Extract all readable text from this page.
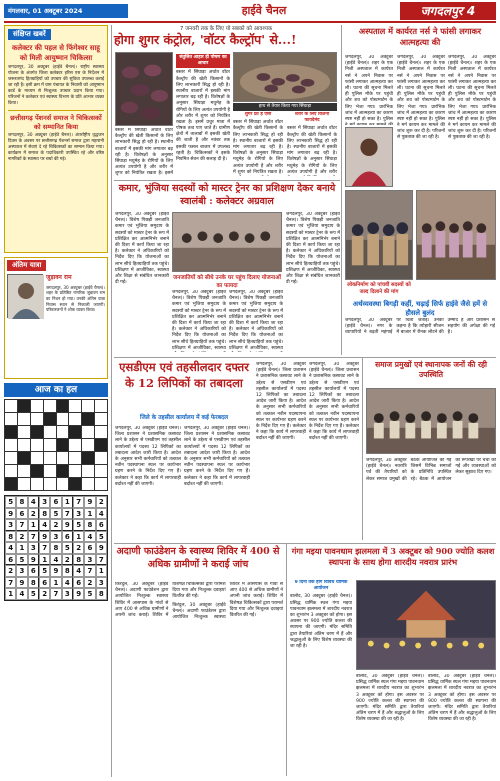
मंगलवार, 01 अक्टूबर 2024	हाईवे चैनल	जगदलपुर 4
संक्षिप्त खबरें
कलेक्टर की पहल से फिंगेश्वर साहू को मिली आयुष्मान चिकित्सा
जगदलपुर, 30 अक्टूबर (हाईवे चैनल)। राष्ट्रीय स्वास्थ्य योजना के अंतर्गत जिला कलेक्टर हरिस एस के निर्देशन में जरूरतमंद हितग्राहियों को उपचार की सुविधा उपलब्ध कराई जा रही है। इसी क्रम में ग्राम पंचायत के निवासी को आयुष्मान कार्ड के माध्यम से निःशुल्क उपचार प्रदान किया गया। परिजनों ने कलेक्टर एवं स्वास्थ्य विभाग के प्रति आभार व्यक्त किया।
छत्तीसगढ़ पेंशनर्स समाज ने चिकित्सकों को सम्मानित किया
जगदलपुर, 30 अक्टूबर (हाईवे चैनल)। अंतर्राष्ट्रीय वृद्धजन दिवस के अवसर पर छत्तीसगढ़ पेंशनर्स समाज द्वारा महारानी अस्पताल में सेवाएं दे रहे चिकित्सकों का सम्मान किया गया। कार्यक्रम में समाज के पदाधिकारी उपस्थित रहे और वरिष्ठ नागरिकों के स्वास्थ्य पर चर्चा की गई।
अंतिम यात्रा
जुड़ावन राम
जगदलपुर, 30 अक्टूबर (हाईवे चैनल)। शहर के प्रतिष्ठित नागरिक जुड़ावन राम का निधन हो गया। उनकी अंतिम यात्रा निवास स्थान से निकाली जाएगी। परिवारजनों ने शोक व्यक्त किया।
आज का हल
5 8 4 3 6 1 7 9 2
9 6 2 8 5 7 3 1 4
3 7 1 4 2 9 5 8 6
8 2 7 9 3 6 1 4 5
4 1 3 7 8 5 2 6 9
6 5 9 1 4 2 8 3 7
2 3 6 5 9 8 4 7 1
7 9 8 6 1 4 6 2 3
1 4 5 2 7 3 9 5 8
7 जनवरी तक के लिए यो सबको को आवश्यक
होगा शुगर कंट्रोल, 'वॉटर कैल्ट्रॉप' से...!
हाथ से तैयार किया गया सिंघाड़ा

संतुलित आहार ही पोषण का आधार

बस्तर में सिंघाड़ा अर्थात वॉटर कैल्ट्रॉप की खेती किसानों के लिए लाभकारी सिद्ध हो रही है। स्थानीय बाजारों में इसकी मांग लगातार बढ़ रही है। विशेषज्ञों के अनुसार सिंघाड़ा मधुमेह के रोगियों के लिए अत्यंत उपयोगी है और शरीर में शुगर को नियंत्रित रखता है। इसमें प्रचुर मात्रा में पोषक तत्व पाए जाते हैं। ग्रामीण क्षेत्रों में तालाबों में इसकी खेती की जाती है और नवंबर तक इसकी फसल बाजार में उपलब्ध रहती है। चिकित्सकों ने इसके नियमित सेवन की सलाह दी है।

बस्तर में सिंघाड़ा अर्थात वॉटर कैल्ट्रॉप की खेती किसानों के लिए लाभकारी सिद्ध हो रही है। स्थानीय बाजारों में इसकी मांग लगातार बढ़ रही है। विशेषज्ञों के अनुसार सिंघाड़ा मधुमेह के रोगियों के लिए अत्यंत उपयोगी है और शरीर में शुगर को नियंत्रित रखता है। इसमें

शुगर फ्री है ऐसा

बस्तर में सिंघाड़ा अर्थात वॉटर कैल्ट्रॉप की खेती किसानों के लिए लाभकारी सिद्ध हो रही है। स्थानीय बाजारों में इसकी मांग लगातार बढ़ रही है। विशेषज्ञों के अनुसार सिंघाड़ा मधुमेह के रोगियों के लिए अत्यंत उपयोगी है और शरीर में शुगर को नियंत्रित रखता है।

शरीर के लिए कितना फायदेमंद

बस्तर में सिंघाड़ा अर्थात वॉटर कैल्ट्रॉप की खेती किसानों के लिए लाभकारी सिद्ध हो रही है। स्थानीय बाजारों में इसकी मांग लगातार बढ़ रही है। विशेषज्ञों के अनुसार सिंघाड़ा मधुमेह के रोगियों के लिए अत्यंत उपयोगी है और शरीर

अस्पताल में कार्यरत नर्स ने फांसी लगाकर आत्महत्या की

जगदलपुर, 30 अक्टूबर (हाईवे चैनल)। शहर के एक निजी अस्पताल में कार्यरत नर्स ने अपने निवास पर फांसी लगाकर आत्महत्या कर ली। घटना की सूचना मिलते ही पुलिस मौके पर पहुंची और शव को पोस्टमार्टम के लिए भेजा गया। प्रारंभिक जांच में आत्महत्या का कारण स्पष्ट नहीं हो सका है। पुलिस

जगदलपुर, 30 अक्टूबर (हाईवे चैनल)। शहर के एक निजी अस्पताल में कार्यरत नर्स ने अपने निवास पर फांसी लगाकर आत्महत्या कर ली। घटना की सूचना मिलते ही पुलिस मौके पर पहुंची और शव को पोस्टमार्टम के लिए भेजा गया। प्रारंभिक जांच में आत्महत्या का कारण स्पष्ट नहीं हो सका है। पुलिस ने मर्ग कायम कर मामले की जांच शुरू कर दी है। परिजनों से पूछताछ की जा रही है।

जगदलपुर, 30 अक्टूबर (हाईवे चैनल)। शहर के एक निजी अस्पताल में कार्यरत नर्स ने अपने निवास पर फांसी लगाकर आत्महत्या कर ली। घटना की सूचना मिलते ही पुलिस मौके पर पहुंची और शव को पोस्टमार्टम के लिए भेजा गया। प्रारंभिक जांच में आत्महत्या का कारण स्पष्ट नहीं हो सका है। पुलिस ने मर्ग कायम कर मामले की जांच शुरू कर दी है। परिजनों से पूछताछ की जा रही है।

लोकनिर्माण को पांचवीं सदस्यों को जल्द दिलाने की मांग
अर्थव्यवस्था बिगड़ी कहीं, चढ़ाई सिर्फ हाईवे जैसे हमें से हौसले बुलंद

जगदलपुर, 30 अक्टूबर (हाईवे चैनल)। नगर के व्यापारियों ने बढ़ती महंगाई पर चिंता जताई। उनका कहना है कि त्योहारी सीजन में बाजार में रौनक लौटने की उम्मीद है और प्रशासन से सहयोग की अपेक्षा की गई है।

कमार, भुंजिया सदस्यों को मास्टर ट्रेनर का प्रशिक्षण देकर बनाये स्वालंबी : कलेक्टर अग्रवाल

जगदलपुर, 30 अक्टूबर (हाईवे चैनल)। विशेष पिछड़ी जनजाति कमार एवं भुंजिया समुदाय के सदस्यों को मास्टर ट्रेनर के रूप में प्रशिक्षित कर आत्मनिर्भर बनाने की दिशा में कार्य किया जा रहा है। कलेक्टर ने अधिकारियों को निर्देश दिए कि योजनाओं का लाभ सीधे हितग्राहियों तक पहुंचे। प्रशिक्षण में आजीविका, स्वास्थ्य और शिक्षा से संबंधित जानकारी दी गई।

जनजातियों को सीधे उनके घर पहुंच दिलाए योजनाओं का फायदा

जगदलपुर, 30 अक्टूबर (हाईवे चैनल)। विशेष पिछड़ी जनजाति कमार एवं भुंजिया समुदाय के सदस्यों को मास्टर ट्रेनर के रूप में प्रशिक्षित कर आत्मनिर्भर बनाने की दिशा में कार्य किया जा रहा है। कलेक्टर ने अधिकारियों को निर्देश दिए कि योजनाओं का लाभ सीधे हितग्राहियों तक पहुंचे। प्रशिक्षण में आजीविका, स्वास्थ्य

जगदलपुर, 30 अक्टूबर (हाईवे चैनल)। विशेष पिछड़ी जनजाति कमार एवं भुंजिया समुदाय के सदस्यों को मास्टर ट्रेनर के रूप में प्रशिक्षित कर आत्मनिर्भर बनाने की दिशा में कार्य किया जा रहा है। कलेक्टर ने अधिकारियों को निर्देश दिए कि योजनाओं का लाभ सीधे हितग्राहियों तक पहुंचे। प्रशिक्षण में आजीविका, स्वास्थ्य

जगदलपुर, 30 अक्टूबर (हाईवे चैनल)। विशेष पिछड़ी जनजाति कमार एवं भुंजिया समुदाय के सदस्यों को मास्टर ट्रेनर के रूप में प्रशिक्षित कर आत्मनिर्भर बनाने की दिशा में कार्य किया जा रहा है। कलेक्टर ने अधिकारियों को निर्देश दिए कि योजनाओं का लाभ सीधे हितग्राहियों तक पहुंचे। प्रशिक्षण में आजीविका, स्वास्थ्य और शिक्षा से संबंधित जानकारी दी गई।

एसडीएम एवं तहसीलदार दफ्तर के 12 लिपिकों का तबादला
जिले के तहसील कार्यालय में कई फेरबदल

जगदलपुर, 30 अक्टूबर (हाईवे चैनल)। जिला प्रशासन ने प्रशासनिक कसावट लाने के उद्देश्य से एसडीएम एवं तहसील कार्यालयों में पदस्थ 12 लिपिकों का तबादला आदेश जारी किया है। आदेश के अनुसार सभी कर्मचारियों को तत्काल नवीन पदस्थापना स्थल पर कार्यभार ग्रहण करने के निर्देश दिए गए हैं। कलेक्टर ने कहा कि कार्य में लापरवाही बर्दाश्त नहीं की जाएगी।

जगदलपुर, 30 अक्टूबर (हाईवे चैनल)। जिला प्रशासन ने प्रशासनिक कसावट लाने के उद्देश्य से एसडीएम एवं तहसील कार्यालयों में पदस्थ 12 लिपिकों का तबादला आदेश जारी किया है। आदेश के अनुसार सभी कर्मचारियों को तत्काल नवीन पदस्थापना स्थल पर कार्यभार ग्रहण करने के निर्देश दिए गए हैं। कलेक्टर ने कहा कि कार्य में लापरवाही बर्दाश्त नहीं की जाएगी।

जगदलपुर, 30 अक्टूबर (हाईवे चैनल)। जिला प्रशासन ने प्रशासनिक कसावट लाने के उद्देश्य से एसडीएम एवं तहसील कार्यालयों में पदस्थ 12 लिपिकों का तबादला आदेश जारी किया है। आदेश के अनुसार सभी कर्मचारियों को तत्काल नवीन पदस्थापना स्थल पर कार्यभार ग्रहण करने के निर्देश दिए गए हैं। कलेक्टर ने कहा कि कार्य में लापरवाही बर्दाश्त नहीं की जाएगी।

जगदलपुर, 30 अक्टूबर (हाईवे चैनल)। जिला प्रशासन ने प्रशासनिक कसावट लाने के उद्देश्य से एसडीएम एवं तहसील कार्यालयों में पदस्थ 12 लिपिकों का तबादला आदेश जारी किया है। आदेश के अनुसार सभी कर्मचारियों को तत्काल नवीन पदस्थापना स्थल पर कार्यभार ग्रहण करने के निर्देश दिए गए हैं। कलेक्टर ने कहा कि कार्य में लापरवाही बर्दाश्त नहीं की जाएगी।

समाज प्रमुखों एवं स्थानापक जनों की रही उपस्थिति

जगदलपुर, 30 अक्टूबर (हाईवे चैनल)। नवरात्रि पर्व की तैयारियों को लेकर समाज प्रमुखों की बैठक आयोजित की गई जिसमें विभिन्न समाजों के प्रतिनिधि उपस्थित रहे। बैठक में आयोजन की रूपरेखा पर चर्चा की गई और व्यवस्थाओं को लेकर सुझाव दिए गए।

अदाणी फाउंडेशन के स्वास्थ्य शिविर में 400 से अधिक ग्रामीणों ने कराई जांच

किरंदुल, 30 अक्टूबर (हाईवे चैनल)। अदाणी फाउंडेशन द्वारा आयोजित निःशुल्क स्वास्थ्य शिविर में आसपास के गांवों से आए 400 से अधिक ग्रामीणों ने अपनी जांच कराई। शिविर में विशेषज्ञ चिकित्सकों द्वारा परामर्श दिया गया और निःशुल्क दवाइयां वितरित की गईं।

किरंदुल, 30 अक्टूबर (हाईवे चैनल)। अदाणी फाउंडेशन द्वारा आयोजित निःशुल्क स्वास्थ्य शिविर में आसपास के गांवों से आए 400 से अधिक ग्रामीणों ने अपनी जांच कराई। शिविर में विशेषज्ञ चिकित्सकों द्वारा परामर्श दिया गया और निःशुल्क दवाइयां वितरित की गईं।

गंगा मइया पावनधाम झलमला में 3 अक्टूबर को 900 ज्योति कलश स्थापना के साथ होगा शारदीय नवरात्र प्रारंभ

9 दिनों तक होंगे विविध धार्मिक आयोजन

बालोद, 30 अक्टूबर (हाईवे चैनल)। प्रसिद्ध धार्मिक स्थल गंगा मइया पावनधाम झलमला में शारदीय नवरात्र का शुभारंभ 3 अक्टूबर को होगा। इस अवसर पर 900 ज्योति कलश की स्थापना की जाएगी। मंदिर समिति द्वारा तैयारियां अंतिम चरण में हैं और श्रद्धालुओं के लिए विशेष व्यवस्था की जा रही है।

बालोद, 30 अक्टूबर (हाईवे चैनल)। प्रसिद्ध धार्मिक स्थल गंगा मइया पावनधाम झलमला में शारदीय नवरात्र का शुभारंभ 3 अक्टूबर को होगा। इस अवसर पर 900 ज्योति कलश की स्थापना की जाएगी। मंदिर समिति द्वारा तैयारियां अंतिम चरण में हैं और श्रद्धालुओं के लिए विशेष व्यवस्था की जा रही है।

बालोद, 30 अक्टूबर (हाईवे चैनल)। प्रसिद्ध धार्मिक स्थल गंगा मइया पावनधाम झलमला में शारदीय नवरात्र का शुभारंभ 3 अक्टूबर को होगा। इस अवसर पर 900 ज्योति कलश की स्थापना की जाएगी। मंदिर समिति द्वारा तैयारियां अंतिम चरण में हैं और श्रद्धालुओं के लिए विशेष व्यवस्था की जा रही है।
